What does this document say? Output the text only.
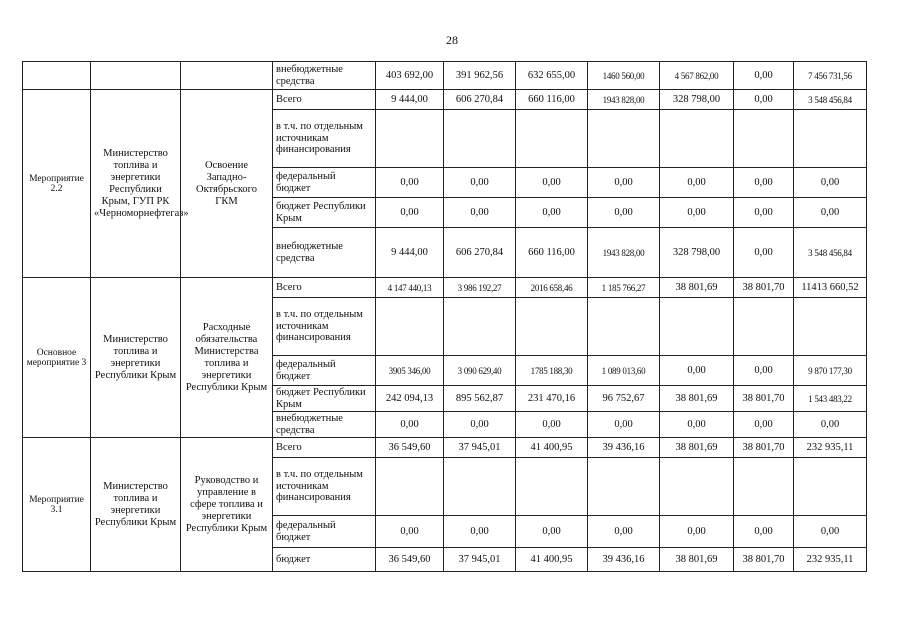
28
			внебюджетные средства	403 692,00	391 962,56	632 655,00	1460 560,00	4 567 862,00	0,00	7 456 731,56
Мероприятие 2.2	Министерство топлива и энергетики Республики Крым, ГУП РК «Черноморнефтегаз»	Освоение Западно-Октябрьского ГКМ	Всего	9 444,00	606 270,84	660 116,00	1943 828,00	328 798,00	0,00	3 548 456,84
			в т.ч. по отдельным источникам финансирования							
			федеральный бюджет	0,00	0,00	0,00	0,00	0,00	0,00	0,00
			бюджет Республики Крым	0,00	0,00	0,00	0,00	0,00	0,00	0,00
			внебюджетные средства	9 444,00	606 270,84	660 116,00	1943 828,00	328 798,00	0,00	3 548 456,84
Основное мероприятие 3	Министерство топлива и энергетики Республики Крым	Расходные обязательства Министерства топлива и энергетики Республики Крым	Всего	4 147 440,13	3 986 192,27	2016 658,46	1 185 766,27	38 801,69	38 801,70	11413 660,52
			в т.ч. по отдельным источникам финансирования							
			федеральный бюджет	3905 346,00	3 090 629,40	1785 188,30	1 089 013,60	0,00	0,00	9 870 177,30
			бюджет Республики Крым	242 094,13	895 562,87	231 470,16	96 752,67	38 801,69	38 801,70	1 543 483,22
			внебюджетные средства	0,00	0,00	0,00	0,00	0,00	0,00	0,00
Мероприятие 3.1	Министерство топлива и энергетики Республики Крым	Руководство и управление в сфере топлива и энергетики Республики Крым	Всего	36 549,60	37 945,01	41 400,95	39 436,16	38 801,69	38 801,70	232 935,11
			в т.ч. по отдельным источникам финансирования							
			федеральный бюджет	0,00	0,00	0,00	0,00	0,00	0,00	0,00
			бюджет	36 549,60	37 945,01	41 400,95	39 436,16	38 801,69	38 801,70	232 935,11
